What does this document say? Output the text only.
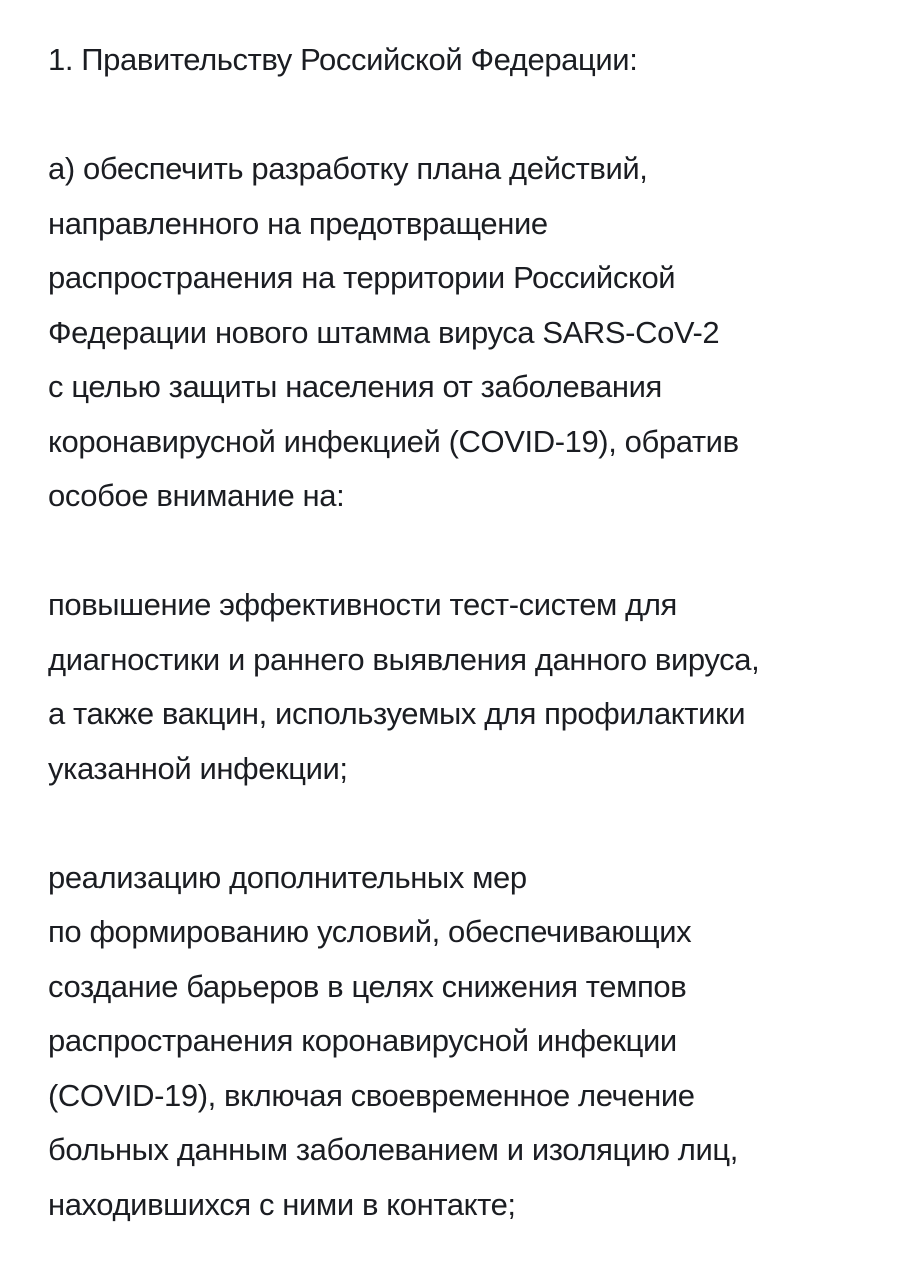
1. Правительству Российской Федерации:
а) обеспечить разработку плана действий,
направленного на предотвращение
распространения на территории Российской
Федерации нового штамма вируса SARS-CoV-2
с целью защиты населения от заболевания
коронавирусной инфекцией (COVID-19), обратив
особое внимание на:
повышение эффективности тест-систем для
диагностики и раннего выявления данного вируса,
а также вакцин, используемых для профилактики
указанной инфекции;
реализацию дополнительных мер
по формированию условий, обеспечивающих
создание барьеров в целях снижения темпов
распространения коронавирусной инфекции
(COVID-19), включая своевременное лечение
больных данным заболеванием и изоляцию лиц,
находившихся с ними в контакте;
